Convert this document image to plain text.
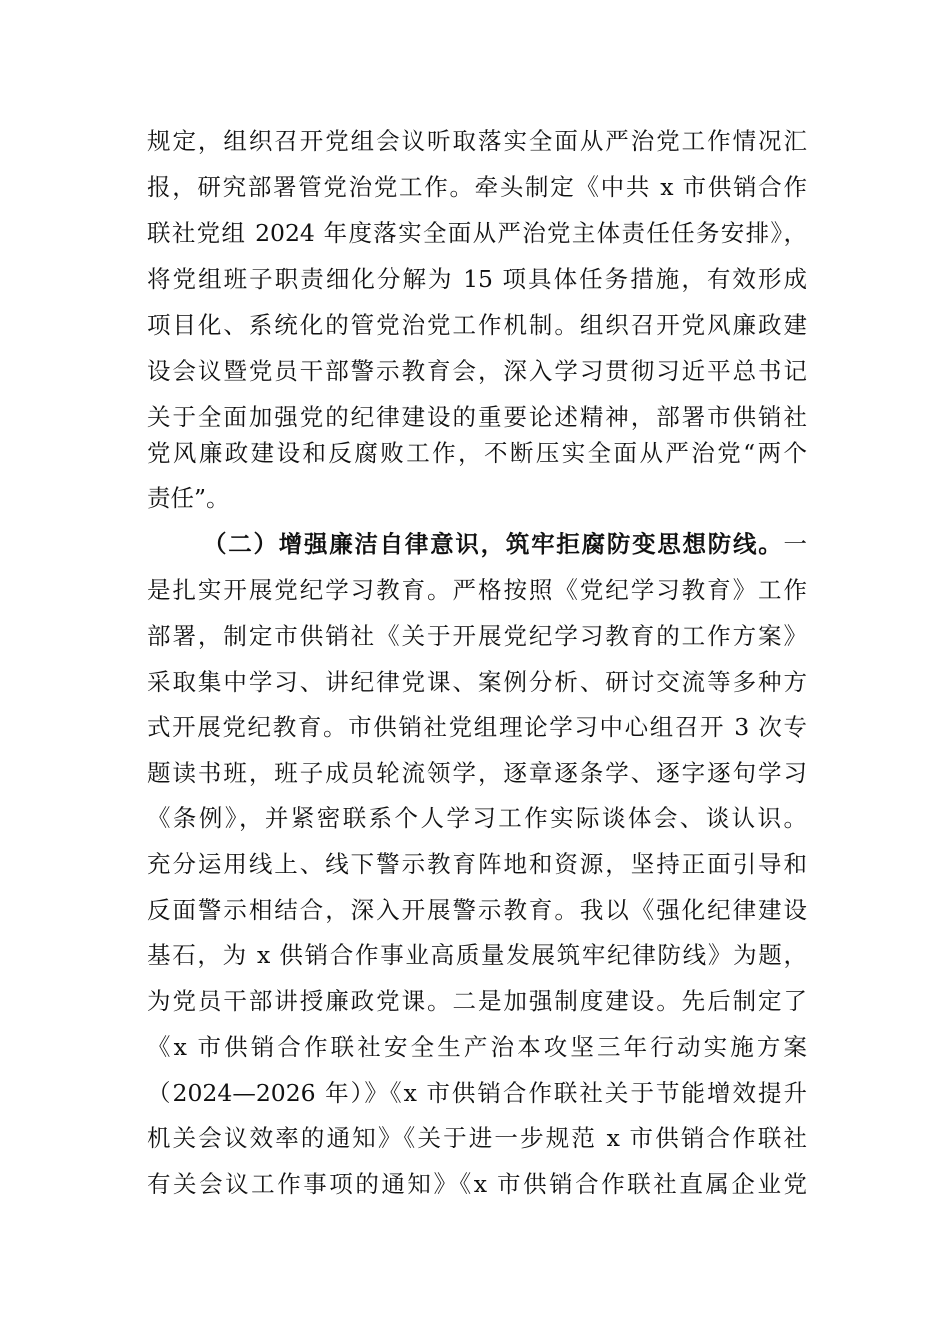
规定，组织召开党组会议听取落实全面从严治党工作情况汇
报，研究部署管党治党工作。牵头制定《中共 x 市供销合作
联社党组 2024 年度落实全面从严治党主体责任任务安排》，
将党组班子职责细化分解为 15 项具体任务措施，有效形成
项目化、系统化的管党治党工作机制。组织召开党风廉政建
设会议暨党员干部警示教育会，深入学习贯彻习近平总书记
关于全面加强党的纪律建设的重要论述精神，部署市供销社
党风廉政建设和反腐败工作，不断压实全面从严治党“两个
责任”。
（二）增强廉洁自律意识，筑牢拒腐防变思想防线。一
是扎实开展党纪学习教育。严格按照《党纪学习教育》工作
部署，制定市供销社《关于开展党纪学习教育的工作方案》
采取集中学习、讲纪律党课、案例分析、研讨交流等多种方
式开展党纪教育。市供销社党组理论学习中心组召开 3 次专
题读书班，班子成员轮流领学，逐章逐条学、逐字逐句学习
《条例》，并紧密联系个人学习工作实际谈体会、谈认识。
充分运用线上、线下警示教育阵地和资源，坚持正面引导和
反面警示相结合，深入开展警示教育。我以《强化纪律建设
基石，为 x 供销合作事业高质量发展筑牢纪律防线》为题，
为党员干部讲授廉政党课。二是加强制度建设。先后制定了
《x 市供销合作联社安全生产治本攻坚三年行动实施方案
（2024—2026 年）》《x 市供销合作联社关于节能增效提升
机关会议效率的通知》《关于进一步规范 x 市供销合作联社
有关会议工作事项的通知》《x 市供销合作联社直属企业党
